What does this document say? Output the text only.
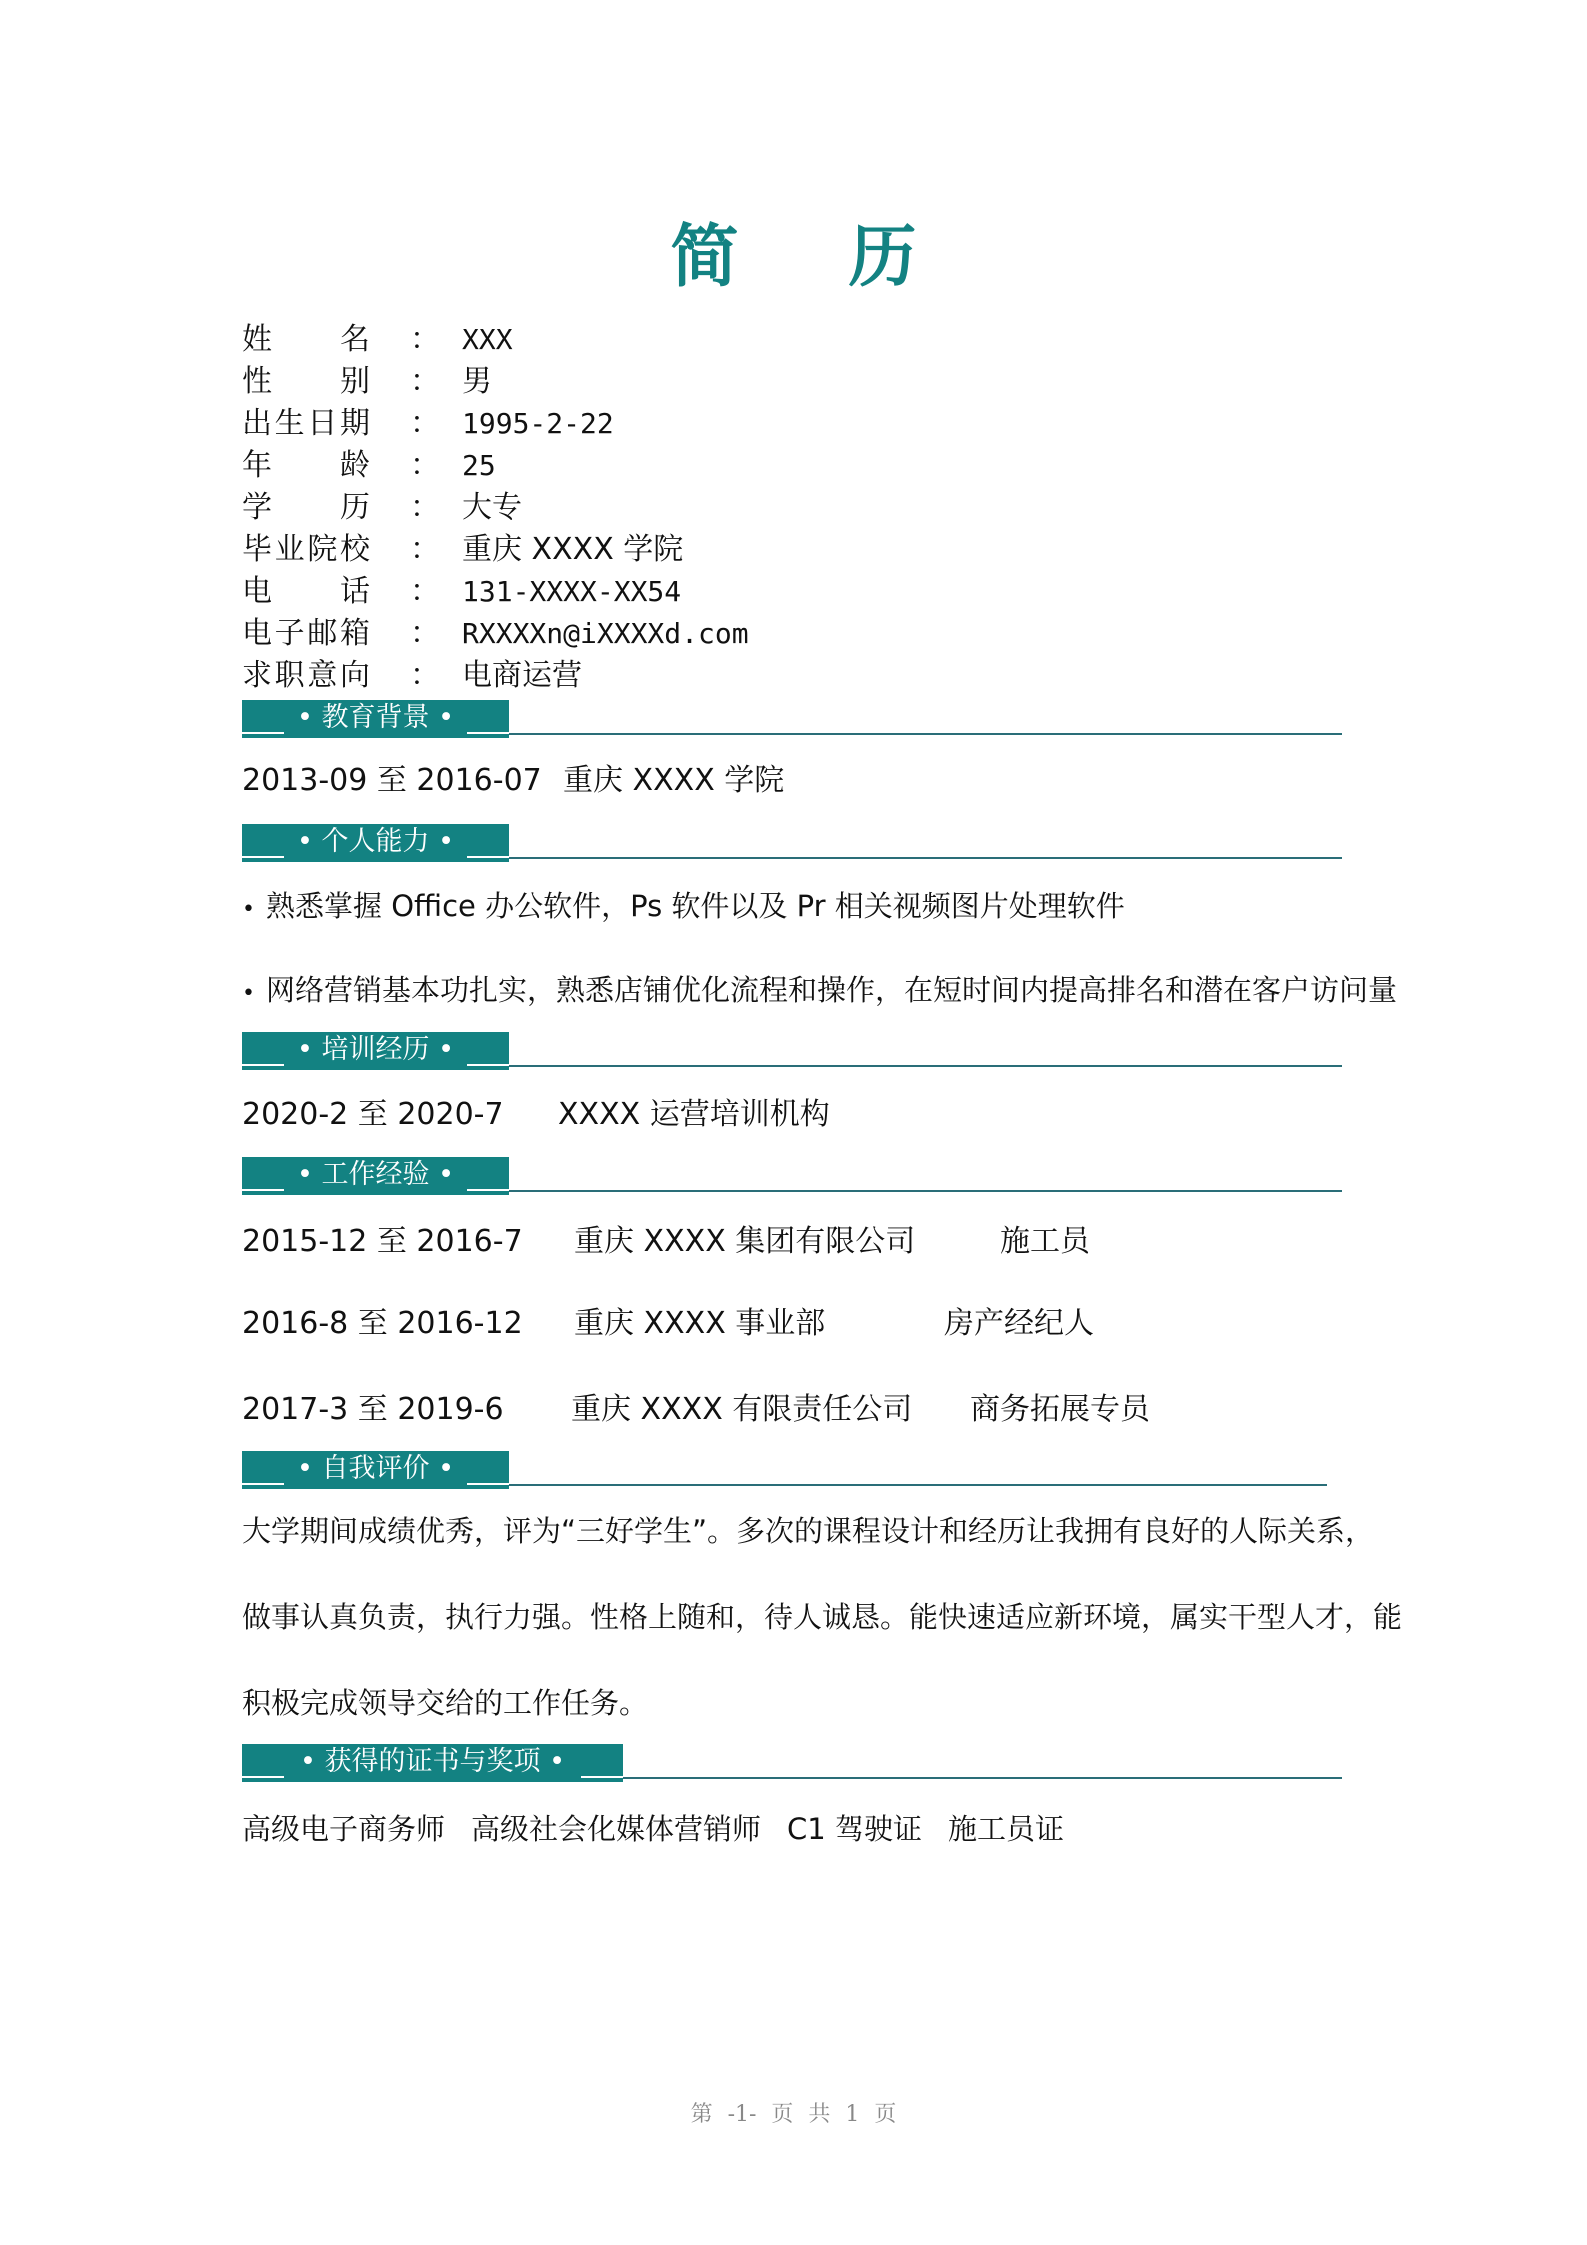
简 历
姓 名	： XXX
性 别	： 男
出 生 日 期	： 1995-2-22
年 龄	： 25
学 历	： 大专
毕 业 院 校	： 重庆 XXXX 学院
电 话	： 131-XXXX-XX54
电 子 邮 箱	： RXXXXn@iXXXXd.com
求 职 意 向	： 电商运营
• 教育背景 •
2013-09 至 2016-07 重庆 XXXX 学院
• 个人能力 •
• 熟悉掌握 Office 办公软件，Ps 软件以及 Pr 相关视频图片处理软件
• 网络营销基本功扎实，熟悉店铺优化流程和操作，在短时间内提高排名和潜在客户访问量
• 培训经历 •
2020-2 至 2020-7 XXXX 运营培训机构
• 工作经验 •
2015-12 至 2016-7 重庆 XXXX 集团有限公司	施工员
2016-8 至 2016-12 重庆 XXXX 事业部	房产经纪人
2017-3 至 2019-6 重庆 XXXX 有限责任公司 商务拓展专员
• 自我评价 •
大学期间成绩优秀，评为“三好学生”。多次的课程设计和经历让我拥有良好的人际关系，
做事认真负责，执行力强。性格上随和，待人诚恳。能快速适应新环境，属实干型人才，能
积极完成领导交给的工作任务。
• 获得的证书与奖项 •
高级电子商务师 高级社会化媒体营销师 C1 驾驶证 施工员证
第 -1- 页 共 1 页
